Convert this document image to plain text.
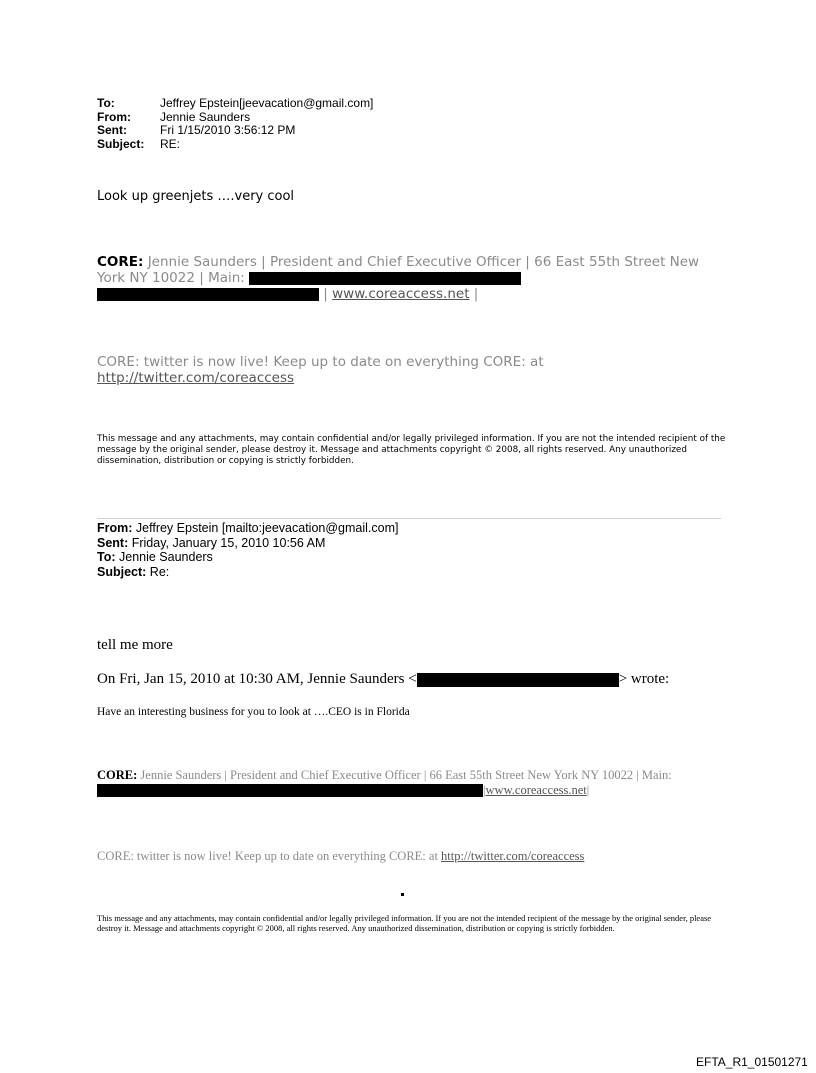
To:	Jeffrey Epstein[jeevacation@gmail.com]
From:	Jennie Saunders
Sent:	Fri 1/15/2010 3:56:12 PM
Subject:	RE:
Look up greenjets ….very cool
CORE: Jennie Saunders | President and Chief Executive Officer | 66 East 55th Street New York NY 10022 | Main:
| www.coreaccess.net |
CORE: twitter is now live! Keep up to date on everything CORE: at
http://twitter.com/coreaccess
This message and any attachments, may contain confidential and/or legally privileged information. If you are not the intended recipient of the message by the original sender, please destroy it. Message and attachments copyright © 2008, all rights reserved. Any unauthorized dissemination, distribution or copying is strictly forbidden.
From: Jeffrey Epstein [mailto:jeevacation@gmail.com]
Sent: Friday, January 15, 2010 10:56 AM
To: Jennie Saunders
Subject: Re:
tell me more
On Fri, Jan 15, 2010 at 10:30 AM, Jennie Saunders <	> wrote:
Have an interesting business for you to look at ….CEO is in Florida
CORE: Jennie Saunders | President and Chief Executive Officer | 66 East 55th Street New York NY 10022 | Main:
| www.coreaccess.net |
CORE: twitter is now live! Keep up to date on everything CORE: at http://twitter.com/coreaccess
This message and any attachments, may contain confidential and/or legally privileged information. If you are not the intended recipient of the message by the original sender, please destroy it. Message and attachments copyright © 2008, all rights reserved. Any unauthorized dissemination, distribution or copying is strictly forbidden.
EFTA_R1_01501271
